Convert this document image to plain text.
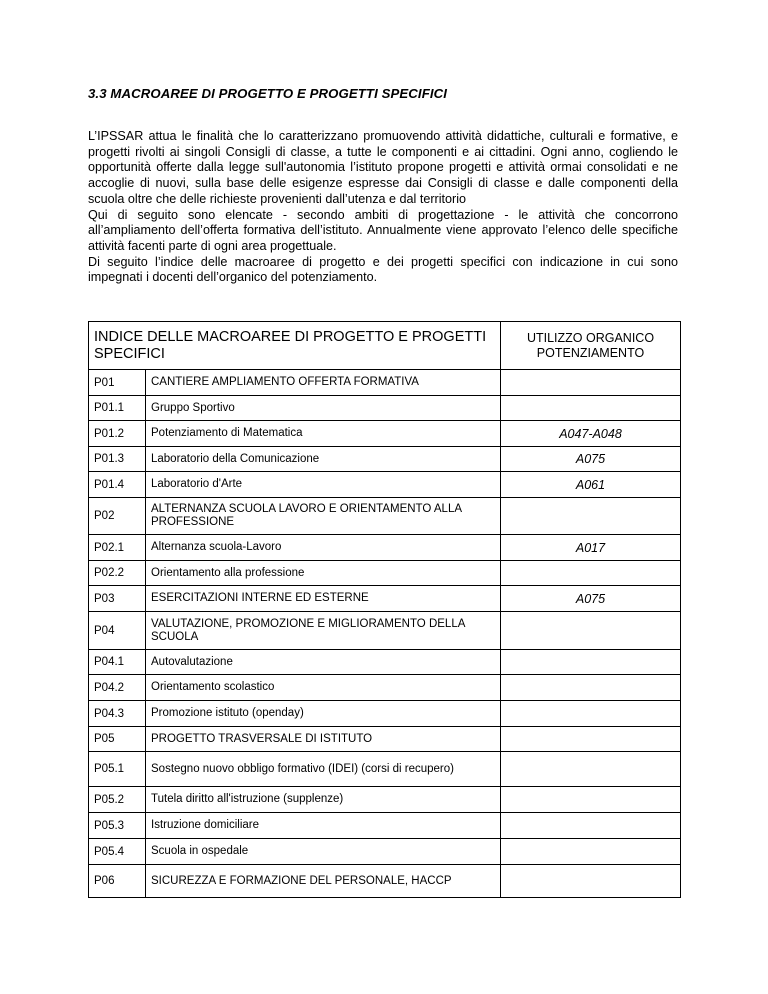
3.3 MACROAREE DI PROGETTO E PROGETTI SPECIFICI

L’IPSSAR attua le finalità che lo caratterizzano promuovendo attività didattiche, culturali e formative, e progetti rivolti ai singoli Consigli di classe, a tutte le componenti e ai cittadini. Ogni anno, cogliendo le opportunità offerte dalla legge sull'autonomia l’istituto propone progetti e attività ormai consolidati e ne accoglie di nuovi, sulla base delle esigenze espresse dai Consigli di classe e dalle componenti della scuola oltre che delle richieste provenienti dall’utenza e dal territorio

Qui di seguito sono elencate - secondo ambiti di progettazione - le attività che concorrono all’ampliamento dell’offerta formativa dell’istituto. Annualmente viene approvato l’elenco delle specifiche attività facenti parte di ogni area progettuale.

Di seguito l’indice delle macroaree di progetto e dei progetti specifici con indicazione in cui sono impegnati i docenti dell’organico del potenziamento.

INDICE DELLE MACROAREE DI PROGETTO E PROGETTI SPECIFICI		UTILIZZO ORGANICO POTENZIAMENTO
P01	CANTIERE AMPLIAMENTO OFFERTA FORMATIVA	
P01.1	Gruppo Sportivo	
P01.2	Potenziamento di Matematica	A047-A048
P01.3	Laboratorio della Comunicazione	A075
P01.4	Laboratorio d'Arte	A061
P02	ALTERNANZA SCUOLA LAVORO E ORIENTAMENTO ALLA PROFESSIONE	
P02.1	Alternanza scuola-Lavoro	A017
P02.2	Orientamento alla professione	
P03	ESERCITAZIONI INTERNE ED ESTERNE	A075
P04	VALUTAZIONE, PROMOZIONE E MIGLIORAMENTO DELLA SCUOLA	
P04.1	Autovalutazione	
P04.2	Orientamento scolastico	
P04.3	Promozione istituto (openday)	
P05	PROGETTO TRASVERSALE DI ISTITUTO	
P05.1	Sostegno nuovo obbligo formativo (IDEI) (corsi di recupero)	
P05.2	Tutela diritto all'istruzione (supplenze)	
P05.3	Istruzione domiciliare	
P05.4	Scuola in ospedale	
P06	SICUREZZA E FORMAZIONE DEL PERSONALE, HACCP	
